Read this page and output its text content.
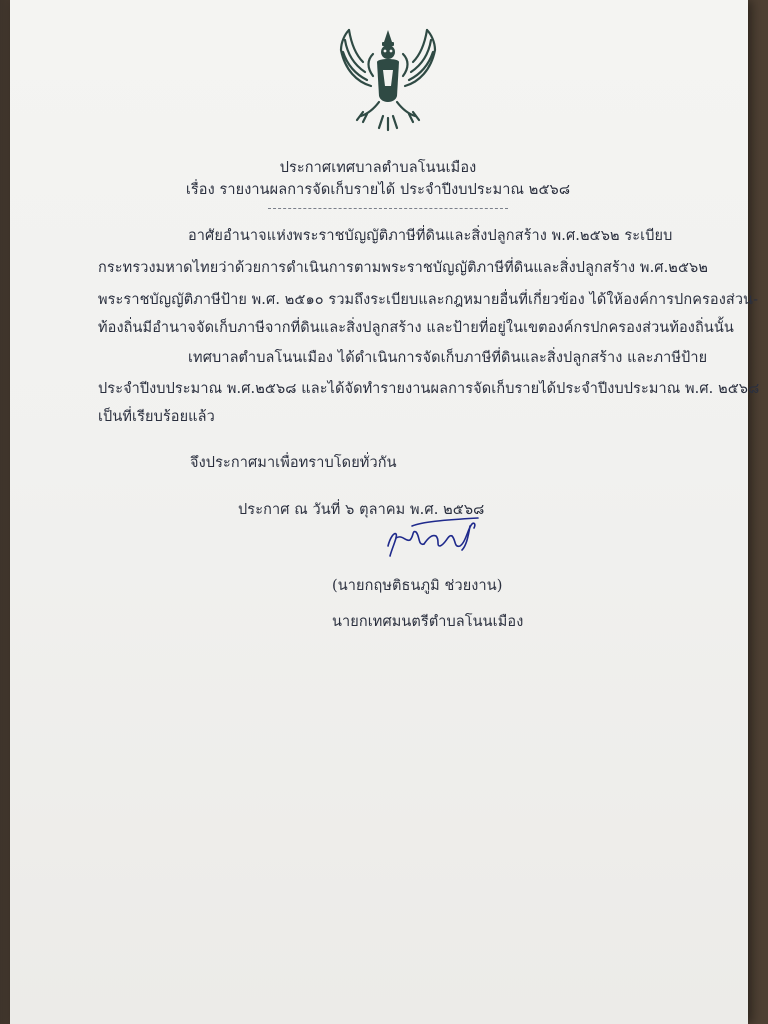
ประกาศเทศบาลตำบลโนนเมือง
เรื่อง รายงานผลการจัดเก็บรายได้ ประจำปีงบประมาณ ๒๕๖๘
อาศัยอำนาจแห่งพระราชบัญญัติภาษีที่ดินและสิ่งปลูกสร้าง พ.ศ.๒๕๖๒ ระเบียบ
กระทรวงมหาดไทยว่าด้วยการดำเนินการตามพระราชบัญญัติภาษีที่ดินและสิ่งปลูกสร้าง พ.ศ.๒๕๖๒
พระราชบัญญัติภาษีป้าย พ.ศ. ๒๕๑๐ รวมถึงระเบียบและกฎหมายอื่นที่เกี่ยวข้อง ได้ให้องค์การปกครองส่วน-
ท้องถิ่นมีอำนาจจัดเก็บภาษีจากที่ดินและสิ่งปลูกสร้าง และป้ายที่อยู่ในเขตองค์กรปกครองส่วนท้องถิ่นนั้น
เทศบาลตำบลโนนเมือง ได้ดำเนินการจัดเก็บภาษีที่ดินและสิ่งปลูกสร้าง และภาษีป้าย
ประจำปีงบประมาณ พ.ศ.๒๕๖๘ และได้จัดทำรายงานผลการจัดเก็บรายได้ประจำปีงบประมาณ พ.ศ. ๒๕๖๘
เป็นที่เรียบร้อยแล้ว
จึงประกาศมาเพื่อทราบโดยทั่วกัน
ประกาศ ณ วันที่ ๖ ตุลาคม พ.ศ. ๒๕๖๘
(นายกฤษติธนภูมิ ช่วยงาน)
นายกเทศมนตรีตำบลโนนเมือง
